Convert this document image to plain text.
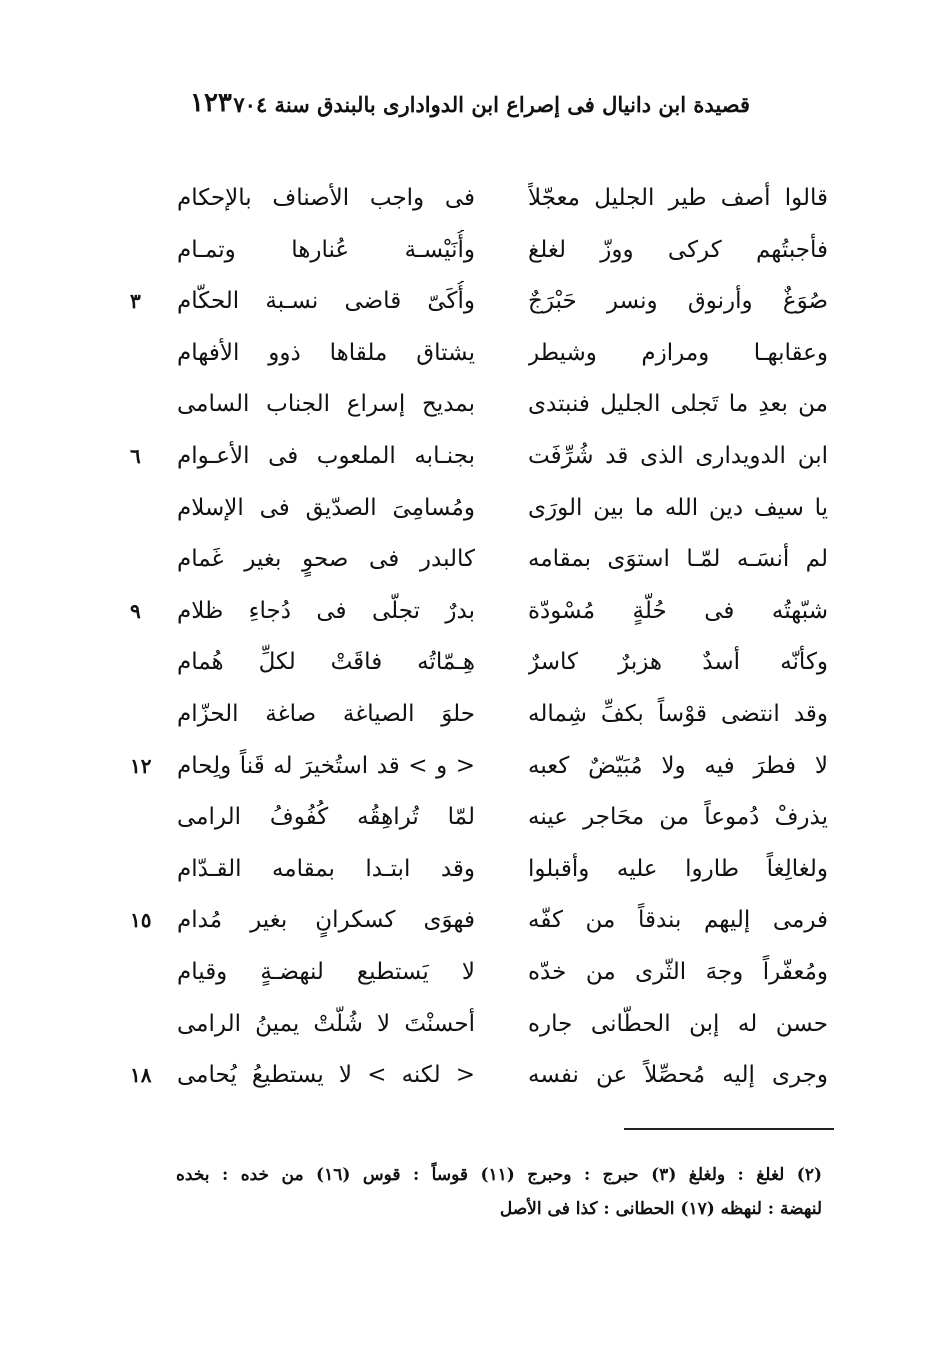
قصيدة ابن دانيال فى إصراع ابن الدوادارى بالبندق سنة ٧٠٤
١٢٣
قالوا أصف طير الجليل معجّلاً
فى واجب الأصناف بالإحكام
فأجبتُهم كركى ووزّ لغلغ
وأُنَيْسـة عُنارها وتمـام
صُوَغٌ وأرنوق ونسر حَبْرَجٌ
وأُكَىّ قاضى نسـبة الحكّام
٣
وعقابهـا ومرازم وشيطر
يشتاق ملقاها ذوو الأفهام
من بعدِ ما تَجلى الجليل فنبتدى
بمديح إسراع الجناب السامى
ابن الدويدارى الذى قد شُرِّفَت
بجنـابه الملعوب فى الأعـوام
٦
يا سيف دين الله ما بين الورَى
ومُسامِىَ الصدّيق فى الإسلام
لم أنسَـه لمّـا استوَى بمقامه
كالبدر فى صحوٍ بغير غَمام
شبّهتُه فى حُلّةٍ مُسْودّة
بدرٌ تجلّى فى دُجاءِ ظلام
٩
وكأنّه أسدٌ هزبرٌ كاسرٌ
هِـمّاتُه فاقَتْ لكلِّ هُمام
وقد انتضى قوْساً بكفِّ شِماله
حلوَ الصياغة صاغة الحزّام
لا فطرَ فيه ولا مُبَيّضٌ كعبه
< و > قد استُخيرَ له قَناً ولِحام
١٢
يذرفْ دُموعاً من محَاجر عينه
لمّا تُراهِقُه كُفُوفُ الرامى
ولغالِغاً طاروا عليه وأقبلوا
وقد ابتـدا بمقامه القـدّام
فرمى إليهم بندقاً من كفّه
فهوَى كسكرانٍ بغير مُدام
١٥
ومُعفّراً وجهَ الثّرى من خدّه
لا يَستطيع لنهضـةٍ وقيام
حسن له إبن الحطّانى جاره
أحسنْتَ لا شُلّتْ يمينُ الرامى
وجرى إليه مُحصِّلاً عن نفسه
< لكنه > لا يستطيعُ يُحامى
١٨
(٢) لغلغ : ولغلغ (٣) حبرج : وحبرج (١١) قوساً : قوس (١٦) من خده : بخده
لنهضة : لنهظه (١٧) الحطانى : كذا فى الأصل
